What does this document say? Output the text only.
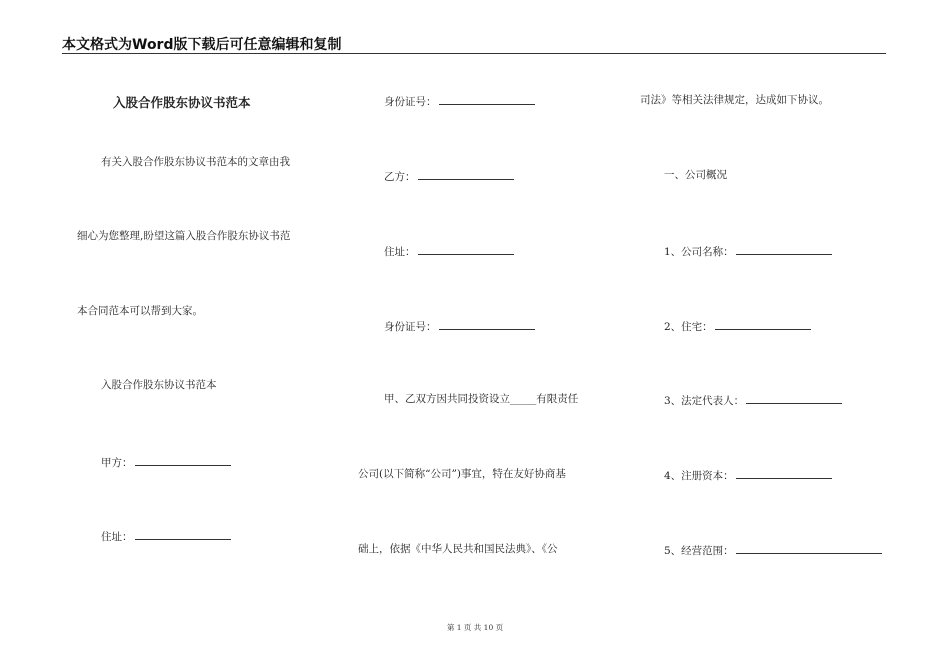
本文格式为Word版下载后可任意编辑和复制
入股合作股东协议书范本
有关入股合作股东协议书范本的文章由我
细心为您整理,盼望这篇入股合作股东协议书范
本合同范本可以帮到大家。
入股合作股东协议书范本
甲方：
住址：
身份证号：
乙方：
住址：
身份证号：
甲、乙双方因共同投资设立_____有限责任
公司(以下简称“公司”)事宜，特在友好协商基
础上，依据《中华人民共和国民法典》、《公
司法》等相关法律规定，达成如下协议。
一、公司概况
1、公司名称：
2、住宅：
3、法定代表人：
4、注册资本：
5、经营范围：
第 1 页 共 10 页
